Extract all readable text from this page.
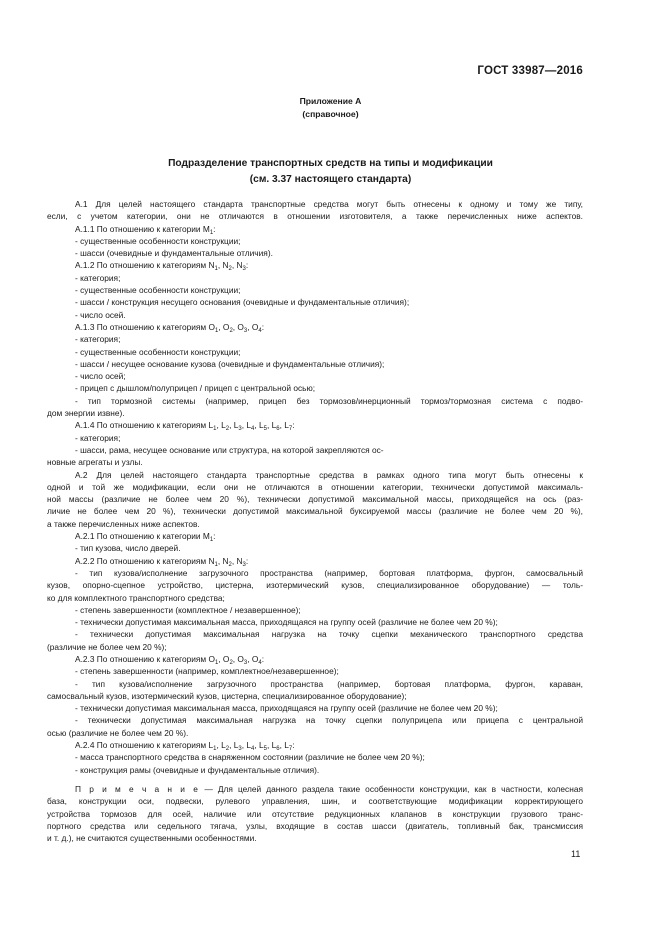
ГОСТ 33987—2016
Приложение А
(справочное)
Подразделение транспортных средств на типы и модификации
(см. 3.37 настоящего стандарта)
А.1 Для целей настоящего стандарта транспортные средства могут быть отнесены к одному и тому же типу,
если, с учетом категории, они не отличаются в отношении изготовителя, а также перечисленных ниже аспектов.
А.1.1 По отношению к категории $М_1$:
- существенные особенности конструкции;
- шасси (очевидные и фундаментальные отличия).
А.1.2 По отношению к категориям $N_1$, $N_2$, $N_3$:
- категория;
- существенные особенности конструкции;
- шасси / конструкция несущего основания (очевидные и фундаментальные отличия);
- число осей.
А.1.3 По отношению к категориям $О_1$, $О_2$, $О_3$, $О_4$:
- категория;
- существенные особенности конструкции;
- шасси / несущее основание кузова (очевидные и фундаментальные отличия);
- число осей;
- прицеп с дышлом/полуприцеп / прицеп с центральной осью;
- тип тормозной системы (например, прицеп без тормозов/инерционный тормоз/тормозная система с подво-
дом энергии извне).
А.1.4 По отношению к категориям $L_1$, $L_2$, $L_3$, $L_4$, $L_5$, $L_6$, $L_7$:
- категория;
- шасси, рама, несущее основание или структура, на которой закрепляются ос-
новные агрегаты и узлы.
А.2 Для целей настоящего стандарта транспортные средства в рамках одного типа могут быть отнесены к
одной и той же модификации, если они не отличаются в отношении категории, технически допустимой максималь-
ной массы (различие не более чем 20 %), технически допустимой максимальной массы, приходящейся на ось (раз-
личие не более чем 20 %), технически допустимой максимальной буксируемой массы (различие не более чем 20 %),
а также перечисленных ниже аспектов.
А.2.1 По отношению к категории $М_1$:
- тип кузова, число дверей.
А.2.2 По отношению к категориям $N_1$, $N_2$, $N_3$:
- тип кузова/исполнение загрузочного пространства (например, бортовая платформа, фургон, самосвальный
кузов, опорно-сцепное устройство, цистерна, изотермический кузов, специализированное оборудование) — толь-
ко для комплектного транспортного средства;
- степень завершенности (комплектное / незавершенное);
- технически допустимая максимальная масса, приходящаяся на группу осей (различие не более чем 20 %);
- технически допустимая максимальная нагрузка на точку сцепки механического транспортного средства
(различие не более чем 20 %);
А.2.3 По отношению к категориям $О_1$, $О_2$, $О_3$, $О_4$:
- степень завершенности (например, комплектное/незавершенное);
- тип кузова/исполнение загрузочного пространства (например, бортовая платформа, фургон, караван,
самосвальный кузов, изотермический кузов, цистерна, специализированное оборудование);
- технически допустимая максимальная масса, приходящаяся на группу осей (различие не более чем 20 %);
- технически допустимая максимальная нагрузка на точку сцепки полуприцепа или прицепа с центральной
осью (различие не более чем 20 %).
А.2.4 По отношению к категориям $L_1$, $L_2$, $L_3$, $L_4$, $L_5$, $L_6$, $L_7$:
- масса транспортного средства в снаряженном состоянии (различие не более чем 20 %);
- конструкция рамы (очевидные и фундаментальные отличия).
П р и м е ч а н и е — Для целей данного раздела такие особенности конструкции, как в частности, колесная
база, конструкции оси, подвески, рулевого управления, шин, и соответствующие модификации корректирующего
устройства тормозов для осей, наличие или отсутствие редукционных клапанов в конструкции грузового транс-
портного средства или седельного тягача, узлы, входящие в состав шасси (двигатель, топливный бак, трансмиссия
и т. д.), не считаются существенными особенностями.
11
